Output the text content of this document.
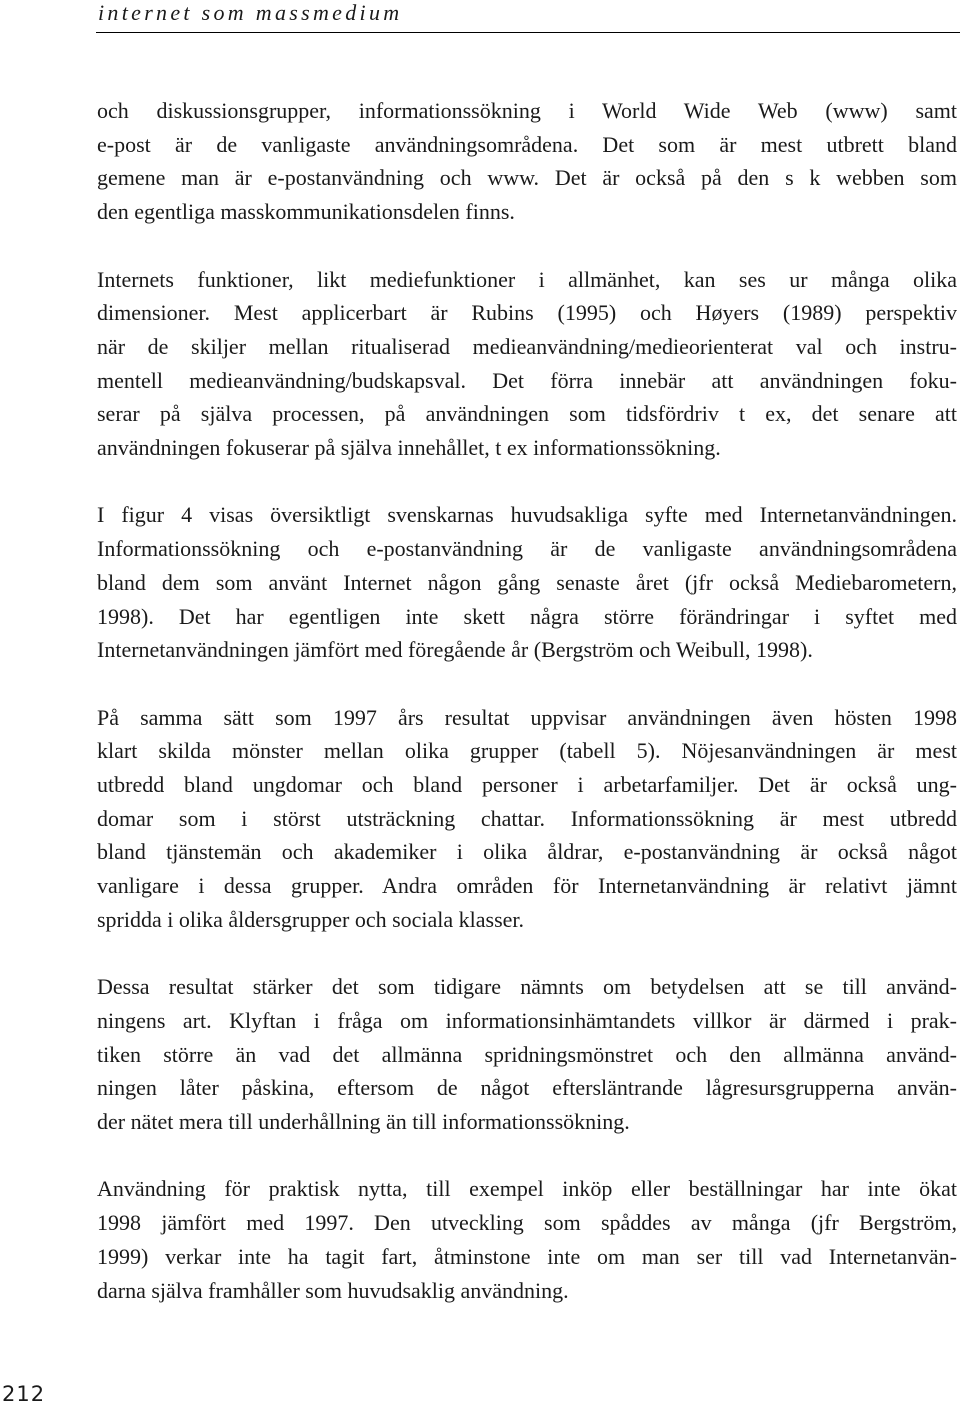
internet som massmedium
och diskussionsgrupper, informationssökning i World Wide Web (www) samt
e-post är de vanligaste användningsområdena. Det som är mest utbrett bland
gemene man är e-postanvändning och www. Det är också på den s k webben som
den egentliga masskommunikationsdelen finns.
Internets funktioner, likt mediefunktioner i allmänhet, kan ses ur många olika
dimensioner. Mest applicerbart är Rubins (1995) och Høyers (1989) perspektiv
när de skiljer mellan ritualiserad medieanvändning/medieorienterat val och instru-
mentell medieanvändning/budskapsval. Det förra innebär att användningen foku-
serar på själva processen, på användningen som tidsfördriv t ex, det senare att
användningen fokuserar på själva innehållet, t ex informationssökning.
I figur 4 visas översiktligt svenskarnas huvudsakliga syfte med Internetanvändningen.
Informationssökning och e-postanvändning är de vanligaste användningsområdena
bland dem som använt Internet någon gång senaste året (jfr också Mediebarometern,
1998). Det har egentligen inte skett några större förändringar i syftet med
Internetanvändningen jämfört med föregående år (Bergström och Weibull, 1998).
På samma sätt som 1997 års resultat uppvisar användningen även hösten 1998
klart skilda mönster mellan olika grupper (tabell 5). Nöjesanvändningen är mest
utbredd bland ungdomar och bland personer i arbetarfamiljer. Det är också ung-
domar som i störst utsträckning chattar. Informationssökning är mest utbredd
bland tjänstemän och akademiker i olika åldrar, e-postanvändning är också något
vanligare i dessa grupper. Andra områden för Internetanvändning är relativt jämnt
spridda i olika åldersgrupper och sociala klasser.
Dessa resultat stärker det som tidigare nämnts om betydelsen att se till använd-
ningens art. Klyftan i fråga om informationsinhämtandets villkor är därmed i prak-
tiken större än vad det allmänna spridningsmönstret och den allmänna använd-
ningen låter påskina, eftersom de något eftersläntrande lågresursgrupperna använ-
der nätet mera till underhållning än till informationssökning.
Användning för praktisk nytta, till exempel inköp eller beställningar har inte ökat
1998 jämfört med 1997. Den utveckling som spåddes av många (jfr Bergström,
1999) verkar inte ha tagit fart, åtminstone inte om man ser till vad Internetanvän-
darna själva framhåller som huvudsaklig användning.
212
